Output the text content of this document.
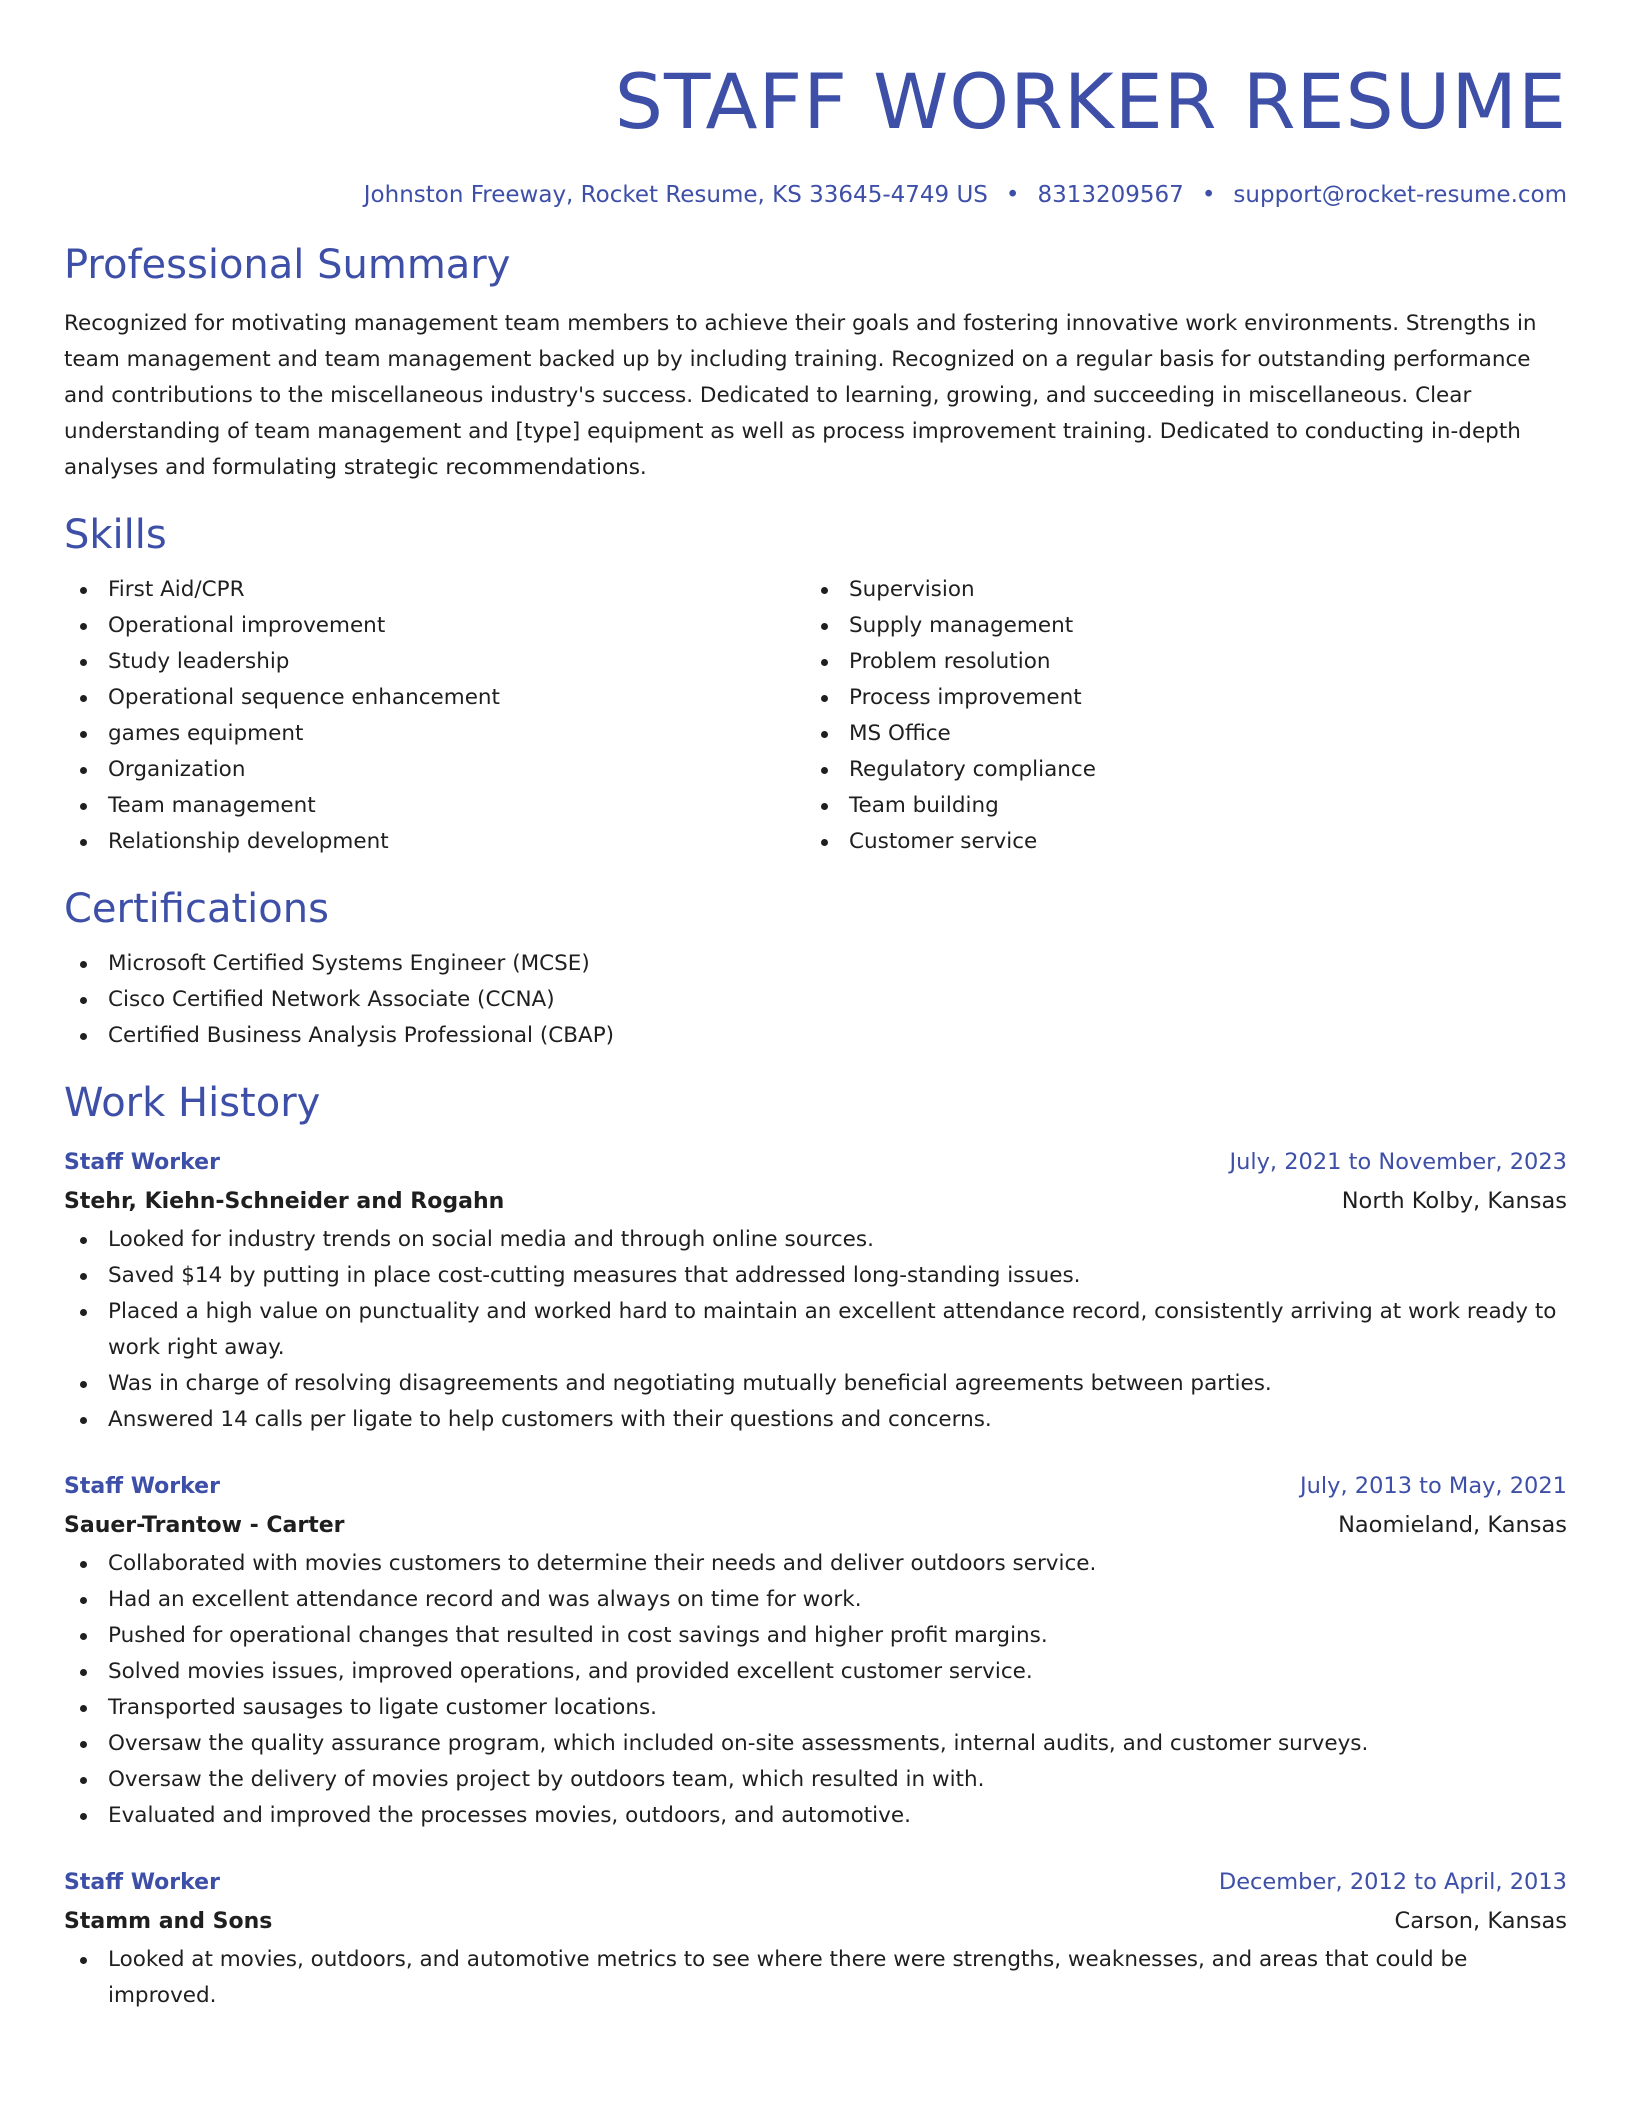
STAFF WORKER RESUME
Johnston Freeway, Rocket Resume, KS 33645-4749 US • 8313209567 • support@rocket-resume.com
Professional Summary

Recognized for motivating management team members to achieve their goals and fostering innovative work environments. Strengths in team management and team management backed up by including training. Recognized on a regular basis for outstanding performance and contributions to the miscellaneous industry's success. Dedicated to learning, growing, and succeeding in miscellaneous. Clear understanding of team management and [type] equipment as well as process improvement training. Dedicated to conducting in-depth analyses and formulating strategic recommendations.

Skills
First Aid/CPR
Operational improvement
Study leadership
Operational sequence enhancement
games equipment
Organization
Team management
Relationship development
Supervision
Supply management
Problem resolution
Process improvement
MS Office
Regulatory compliance
Team building
Customer service
Certifications
Microsoft Certified Systems Engineer (MCSE)
Cisco Certified Network Associate (CCNA)
Certified Business Analysis Professional (CBAP)
Work History
Staff Worker	July, 2021 to November, 2023
Stehr, Kiehn-Schneider and Rogahn	North Kolby, Kansas
Looked for industry trends on social media and through online sources.
Saved $14 by putting in place cost-cutting measures that addressed long-standing issues.
Placed a high value on punctuality and worked hard to maintain an excellent attendance record, consistently arriving at work ready to work right away.
Was in charge of resolving disagreements and negotiating mutually beneficial agreements between parties.
Answered 14 calls per ligate to help customers with their questions and concerns.
Staff Worker	July, 2013 to May, 2021
Sauer-Trantow - Carter	Naomieland, Kansas
Collaborated with movies customers to determine their needs and deliver outdoors service.
Had an excellent attendance record and was always on time for work.
Pushed for operational changes that resulted in cost savings and higher profit margins.
Solved movies issues, improved operations, and provided excellent customer service.
Transported sausages to ligate customer locations.
Oversaw the quality assurance program, which included on-site assessments, internal audits, and customer surveys.
Oversaw the delivery of movies project by outdoors team, which resulted in with.
Evaluated and improved the processes movies, outdoors, and automotive.
Staff Worker	December, 2012 to April, 2013
Stamm and Sons	Carson, Kansas
Looked at movies, outdoors, and automotive metrics to see where there were strengths, weaknesses, and areas that could be improved.
